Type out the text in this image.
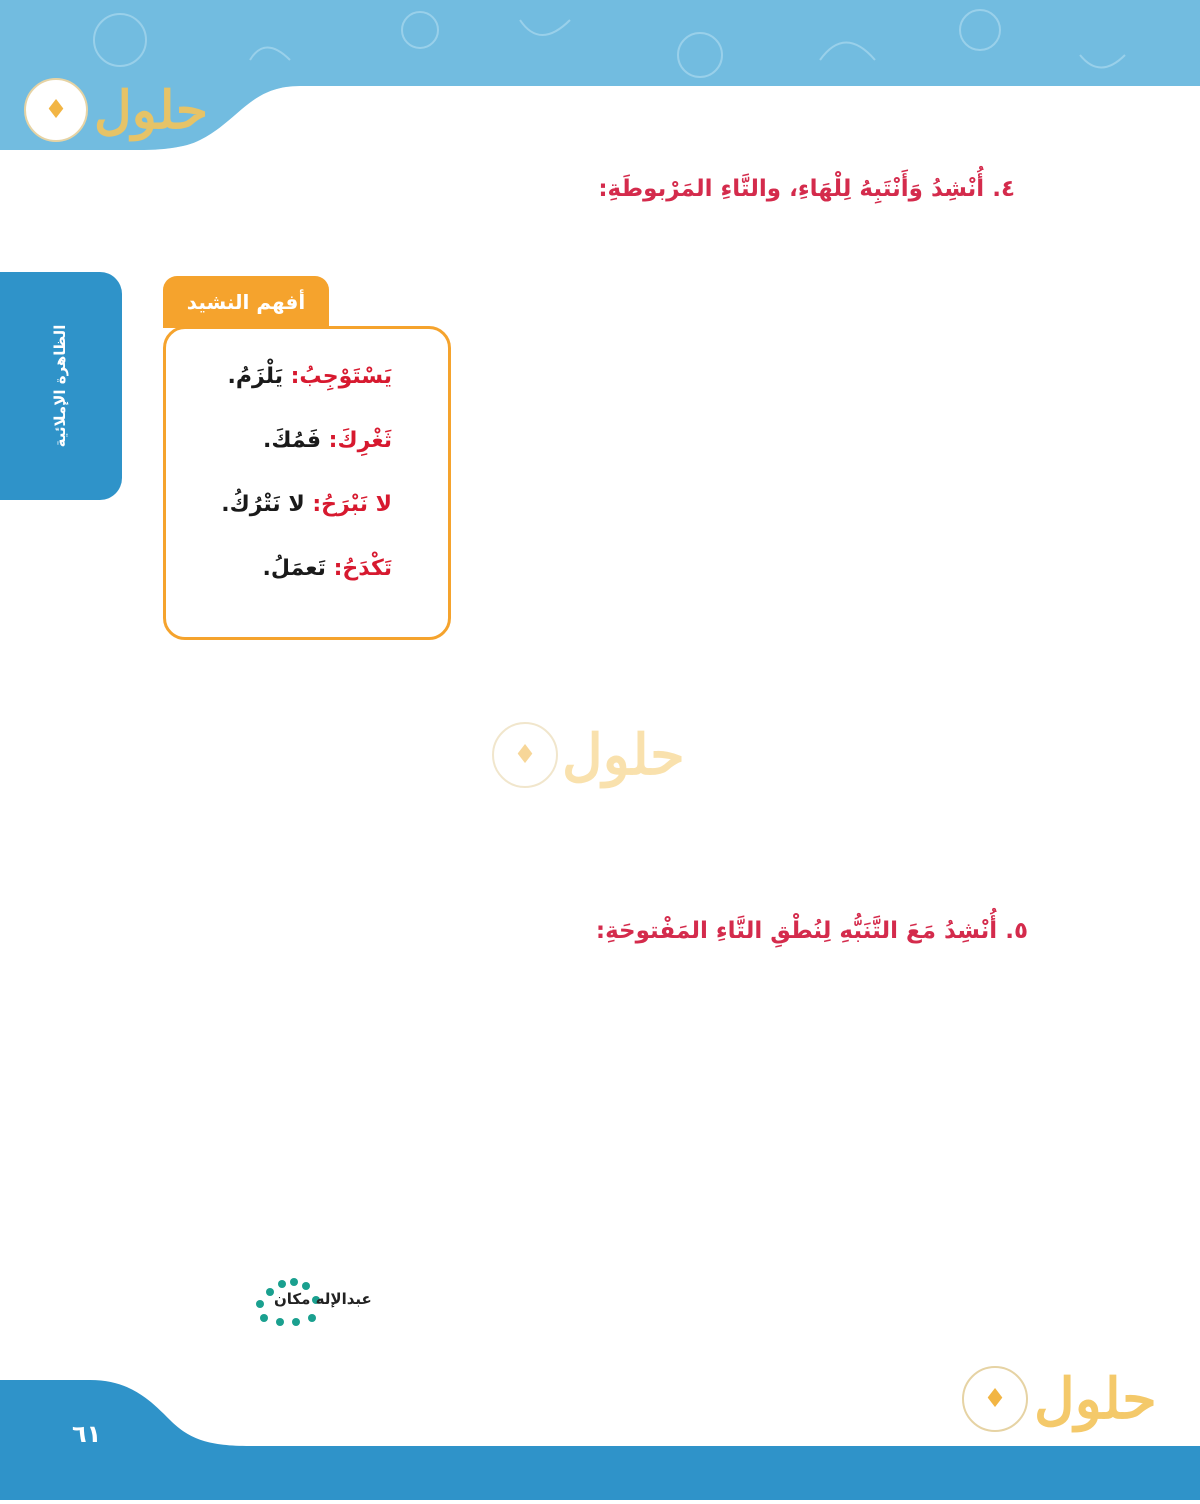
♦ حلول
♦ حلول
♦ حلول
الظاهرة الإملائية
٤. أُنْشِدُ وَأَنْتَبِهُ لِلْهَاءِ، والتَّاءِ المَرْبوطَةِ:
أفهم النشيد
يَسْتَوْجِبُ: يَلْزَمُ.
ثَغْرِكَ: فَمُكَ.
لا نَبْرَحُ: لا نَتْرُكُ.
تَكْدَحُ: تَعمَلُ.
٥. أُنْشِدُ مَعَ التَّنَبُّهِ لِنُطْقِ التَّاءِ المَفْتوحَةِ:
عبدالإله مكان
٦١
